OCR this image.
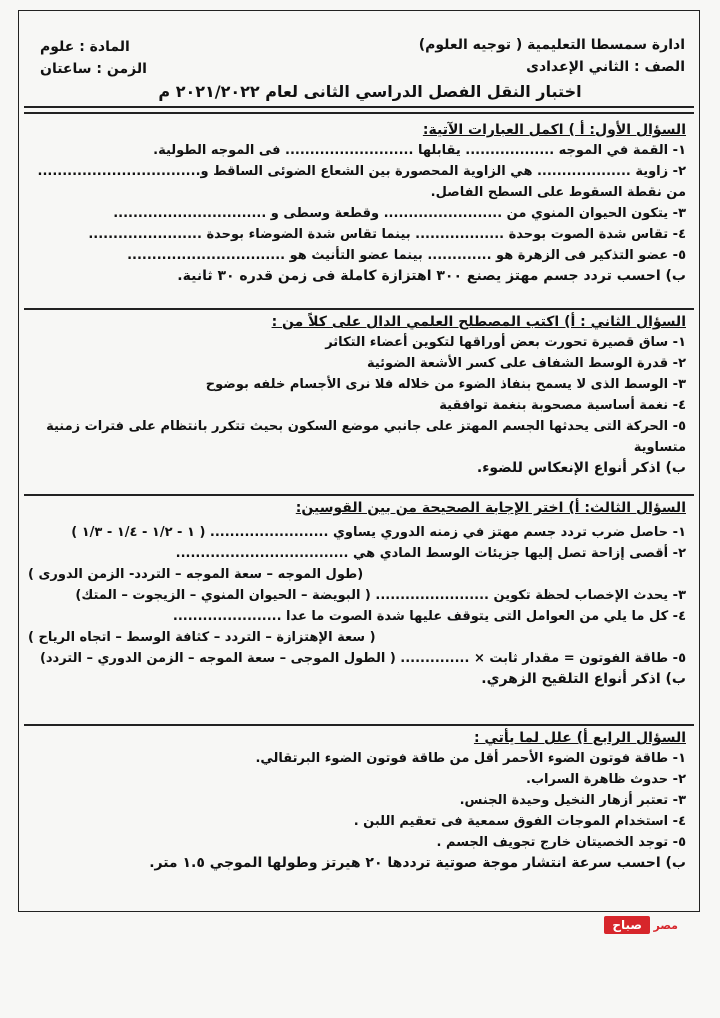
المادة : علوم
الزمن : ساعتان
ادارة سمسطا التعليمية ( توجيه العلوم)
الصف : الثاني الإعدادى
اختبار النقل الفصل الدراسي الثانى لعام ٢٠٢١/٢٠٢٢ م
السؤال الأول: أ ) اكمل العبارات الآتية:
١- القمة في الموجه .................. يقابلها .......................... فى الموجه الطولية.
٢- زاوية ................... هي الزاوية المحصورة بين الشعاع الضوئى الساقط و.................................
من نقطة السقوط على السطح الفاصل.
٣- يتكون الحيوان المنوي من ........................ وقطعة وسطى و ...............................
٤- تقاس شدة الصوت بوحدة .................. بينما تقاس شدة الضوضاء بوحدة .......................
٥- عضو التذكير فى الزهرة هو ............. بينما عضو التأنيث هو ................................
ب) احسب تردد جسم مهتز يصنع ٣٠٠ اهتزازة كاملة فى زمن قدره ٣٠ ثانية.
السؤال الثاني : أ) اكتب المصطلح العلمي الدال على كلاً من :
١- ساق قصيرة تحورت بعض أوراقها لتكوين أعضاء التكاثر
٢- قدرة الوسط الشفاف على كسر الأشعة الضوئية
٣- الوسط الذى لا يسمح بنفاذ الضوء من خلاله فلا نرى الأجسام خلفه بوضوح
٤- نغمة أساسية مصحوبة بنغمة توافقية
٥- الحركة التى يحدثها الجسم المهتز على جانبي موضع السكون بحيث تتكرر بانتظام على فترات زمنية متساوية
ب) اذكر أنواع الإنعكاس للضوء.
السؤال الثالث: أ) اختر الإجابة الصحيحة من بين القوسين:
١- حاصل ضرب تردد جسم مهتز في زمنه الدوري يساوي ........................ ( ١ - ١/٢ - ١/٤ - ١/٣ )
٢- أقصى إزاحة تصل إليها جزيئات الوسط المادي هي ...................................
(طول الموجه – سعة الموجه – التردد- الزمن الدورى )
٣- يحدث الإخصاب لحظة تكوين ....................... ( البويضة – الحيوان المنوي – الزيجوت – المتك)
٤- كل ما يلي من العوامل التى يتوقف عليها شدة الصوت ما عدا ......................
( سعة الإهتزازة – التردد – كثافة الوسط – اتجاه الرياح )
٥- طاقة الفوتون = مقدار ثابت × .............. ( الطول الموجى – سعة الموجه – الزمن الدوري – التردد)
ب) اذكر أنواع التلقيح الزهري.
السؤال الرابع أ) علل لما يأتي :
١- طاقة فوتون الضوء الأحمر أقل من طاقة فوتون الضوء البرتقالي.
٢- حدوث ظاهرة السراب.
٣- تعتبر أزهار النخيل وحيدة الجنس.
٤- استخدام الموجات الفوق سمعية فى تعقيم اللبن .
٥- توجد الخصيتان خارج تجويف الجسم .
ب) احسب سرعة انتشار موجة صوتية ترددها ٢٠ هيرتز وطولها الموجي ١.٥ متر.
صباح	مصر
